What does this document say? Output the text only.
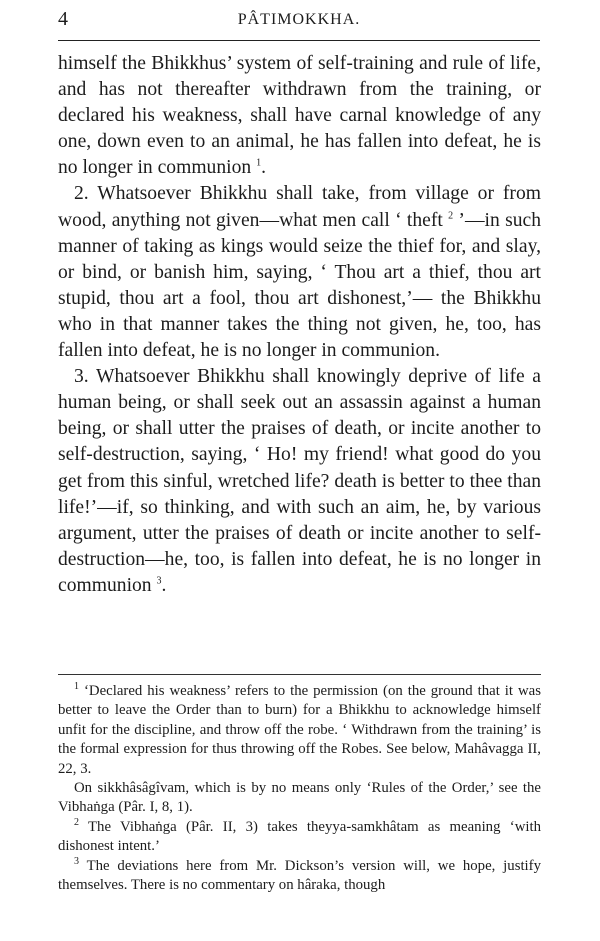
4	PÂTIMOKKHA.

himself the Bhikkhus’ system of self-training and rule of life, and has not thereafter withdrawn from the training, or declared his weakness, shall have carnal knowledge of any one, down even to an animal, he has fallen into defeat, he is no longer in communion $^1$.

2. Whatsoever Bhikkhu shall take, from village or from wood, anything not given—what men call ‘ theft $^2$ ’—in such manner of taking as kings would seize the thief for, and slay, or bind, or banish him, saying, ‘ Thou art a thief, thou art stupid, thou art a fool, thou art dishonest,’— the Bhikkhu who in that manner takes the thing not given, he, too, has fallen into defeat, he is no longer in communion.

3. Whatsoever Bhikkhu shall knowingly deprive of life a human being, or shall seek out an assassin against a human being, or shall utter the praises of death, or incite another to self-destruction, saying, ‘ Ho! my friend! what good do you get from this sinful, wretched life? death is better to thee than life!’—if, so thinking, and with such an aim, he, by various argument, utter the praises of death or incite another to self-destruction—he, too, is fallen into defeat, he is no longer in communion $^3$.

$^1$ ‘Declared his weakness’ refers to the permission (on the ground that it was better to leave the Order than to burn) for a Bhikkhu to acknowledge himself unfit for the discipline, and throw off the robe. ‘ Withdrawn from the training’ is the formal expression for thus throwing off the Robes. See below, Mahâvagga II, 22, 3.

On sikkhâsâgîvam, which is by no means only ‘Rules of the Order,’ see the Vibhaṅga (Pâr. I, 8, 1).

$^2$ The Vibhaṅga (Pâr. II, 3) takes theyya-samkhâtam as meaning ‘with dishonest intent.’

$^3$ The deviations here from Mr. Dickson’s version will, we hope, justify themselves. There is no commentary on hâraka, though
